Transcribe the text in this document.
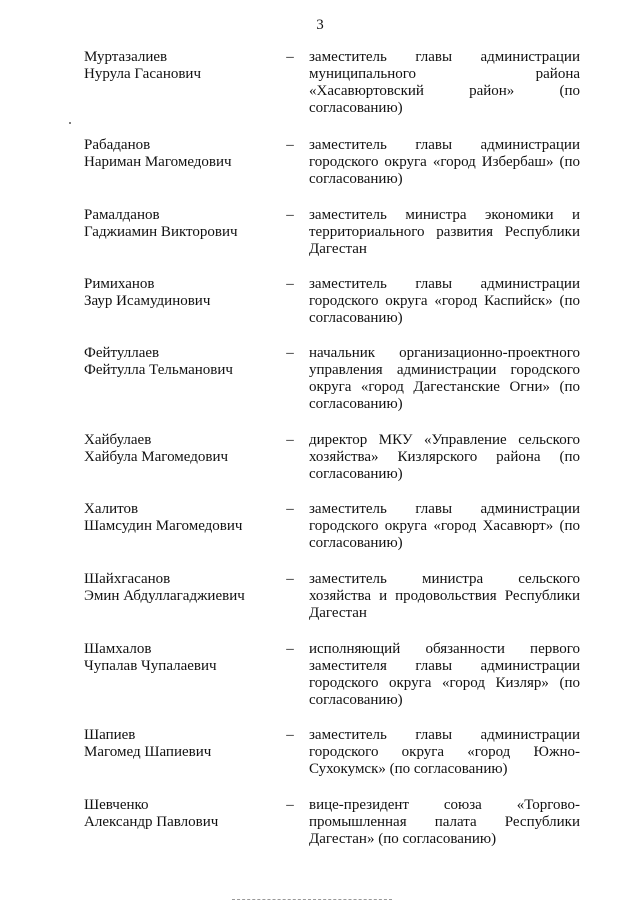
3
Муртазалиев
Нурула Гасанович
– заместитель главы администрации муниципального района «Хасавюртовский район» (по согласованию)
Рабаданов
Нариман Магомедович
– заместитель главы администрации городского округа «город Избербаш» (по согласованию)
Рамалданов
Гаджиамин Викторович
– заместитель министра экономики и территориального развития Республики Дагестан
Римиханов
Заур Исамудинович
– заместитель главы администрации городского округа «город Каспийск» (по согласованию)
Фейтуллаев
Фейтулла Тельманович
– начальник организационно-проектного управления администрации городского округа «город Дагестанские Огни» (по согласованию)
Хайбулаев
Хайбула Магомедович
– директор МКУ «Управление сельского хозяйства» Кизлярского района (по согласованию)
Халитов
Шамсудин Магомедович
– заместитель главы администрации городского округа «город Хасавюрт» (по согласованию)
Шайхгасанов
Эмин Абдуллагаджиевич
– заместитель министра сельского хозяйства и продовольствия Республики Дагестан
Шамхалов
Чупалав Чупалаевич
– исполняющий обязанности первого заместителя главы администрации городского округа «город Кизляр» (по согласованию)
Шапиев
Магомед Шапиевич
– заместитель главы администрации городского округа «город Южно-Сухокумск» (по согласованию)
Шевченко
Александр Павлович
– вице-президент союза «Торгово-промышленная палата Республики Дагестан» (по согласованию)
